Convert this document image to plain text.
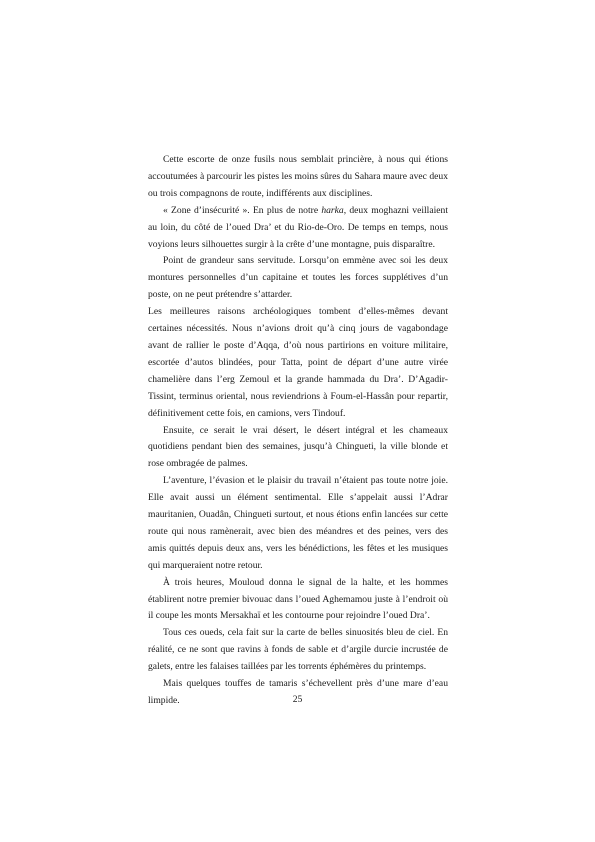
Cette escorte de onze fusils nous semblait princière, à nous qui étions accoutumées à parcourir les pistes les moins sûres du Sahara maure avec deux ou trois compagnons de route, indifférents aux disciplines.

« Zone d’insécurité ». En plus de notre harka, deux moghazni veillaient au loin, du côté de l’oued Dra’ et du Rio-de-Oro. De temps en temps, nous voyions leurs silhouettes surgir à la crête d’une montagne, puis disparaître.

Point de grandeur sans servitude. Lorsqu’on emmène avec soi les deux montures personnelles d’un capitaine et toutes les forces supplétives d’un poste, on ne peut prétendre s’attarder.

Les meilleures raisons archéologiques tombent d’elles-mêmes devant certaines nécessités. Nous n’avions droit qu’à cinq jours de vagabondage avant de rallier le poste d’Aqqa, d’où nous partirions en voiture militaire, escortée d’autos blindées, pour Tatta, point de départ d’une autre virée chamelière dans l’erg Zemoul et la grande hammada du Dra’. D’Agadir-Tissint, terminus oriental, nous reviendrions à Foum-el-Hassân pour repartir, définitivement cette fois, en camions, vers Tindouf.

Ensuite, ce serait le vrai désert, le désert intégral et les chameaux quotidiens pendant bien des semaines, jusqu’à Chingueti, la ville blonde et rose ombragée de palmes.

L’aventure, l’évasion et le plaisir du travail n’étaient pas toute notre joie. Elle avait aussi un élément sentimental. Elle s’appelait aussi l’Adrar mauritanien, Ouadân, Chingueti surtout, et nous étions enfin lancées sur cette route qui nous ramènerait, avec bien des méandres et des peines, vers des amis quittés depuis deux ans, vers les bénédictions, les fêtes et les musiques qui marqueraient notre retour.

À trois heures, Mouloud donna le signal de la halte, et les hommes établirent notre premier bivouac dans l’oued Aghemamou juste à l’endroit où il coupe les monts Mersakhaï et les contourne pour rejoindre l’oued Dra’.

Tous ces oueds, cela fait sur la carte de belles sinuosités bleu de ciel. En réalité, ce ne sont que ravins à fonds de sable et d’argile durcie incrustée de galets, entre les falaises taillées par les torrents éphémères du printemps.

Mais quelques touffes de tamaris s’échevellent près d’une mare d’eau limpide.	25
